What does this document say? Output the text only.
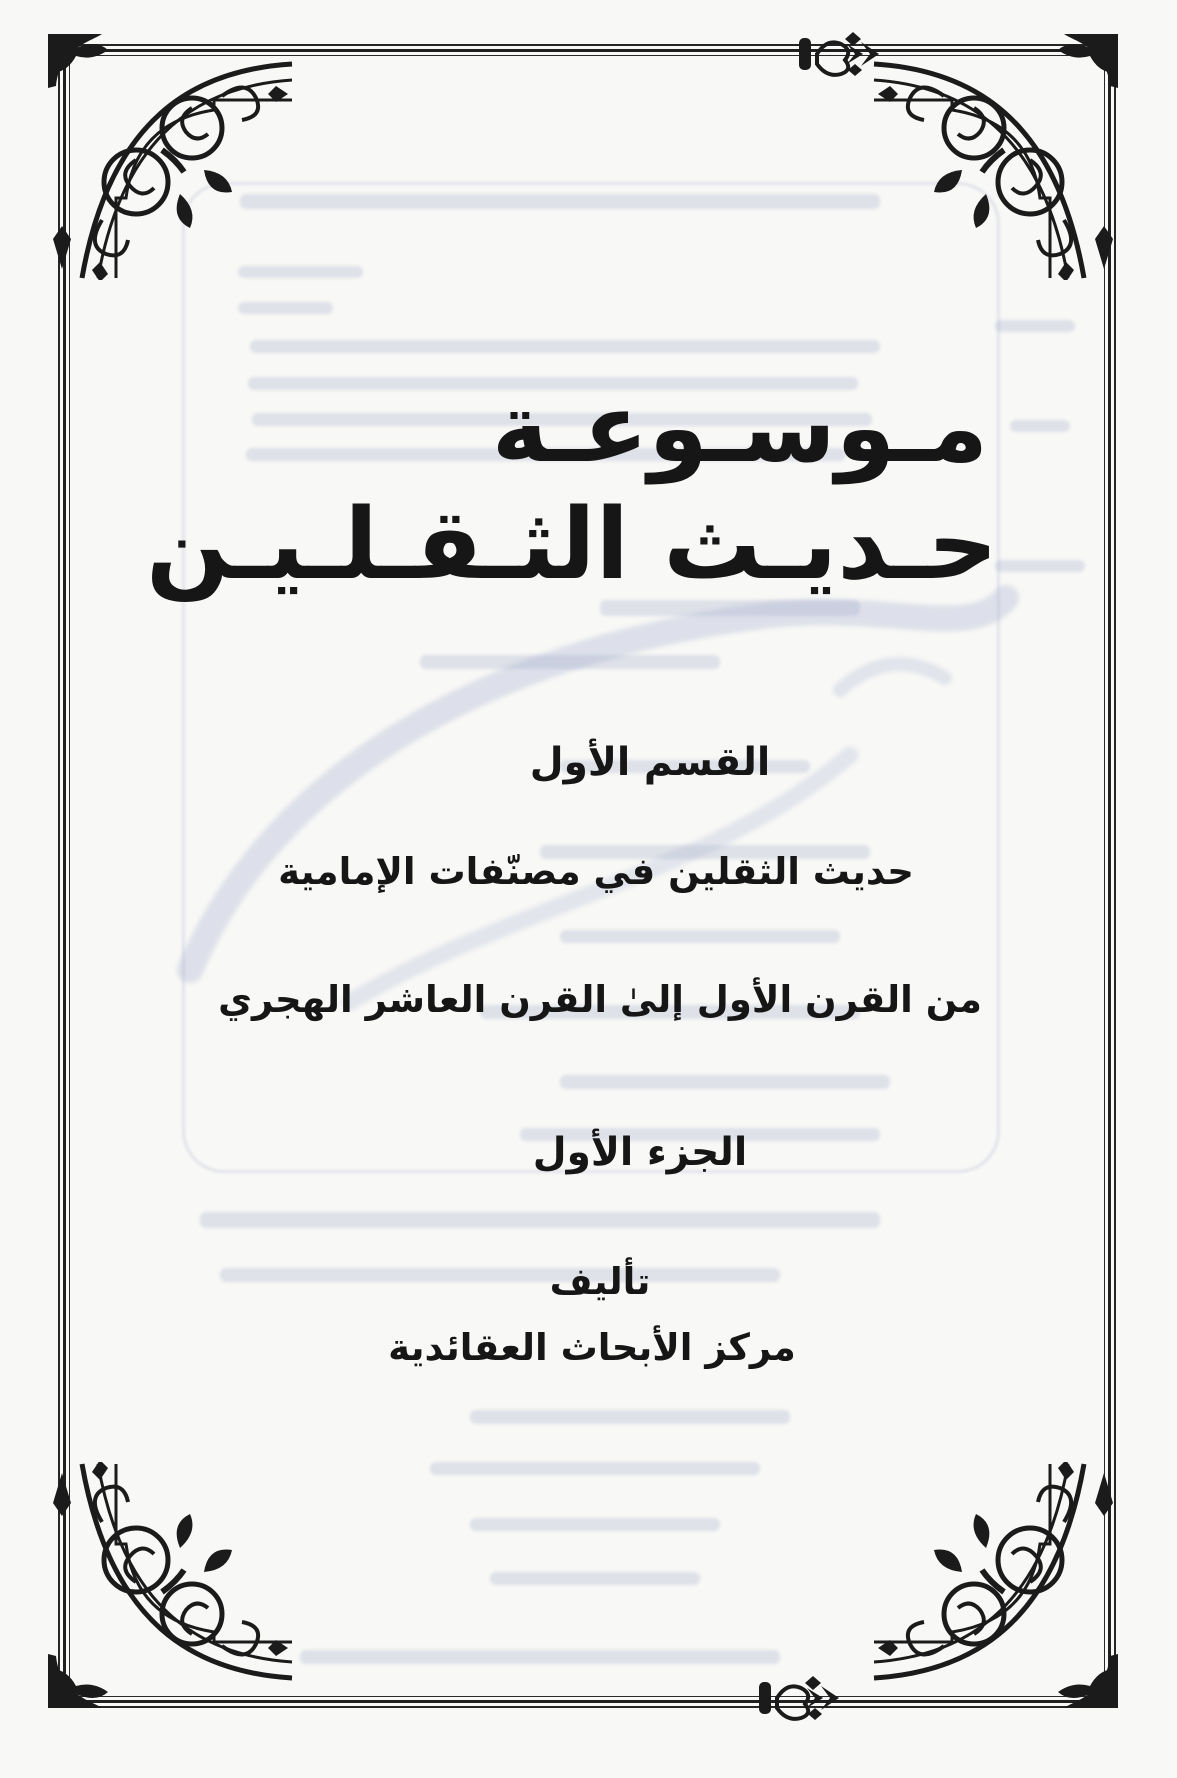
مـوسـوعـة
حـديـث الثـقـلـيـن
القسم الأول
حديث الثقلين في مصنّفات الإمامية
من القرن الأول إلىٰ القرن العاشر الهجري
الجزء الأول
تأليف
مركز الأبحاث العقائدية
